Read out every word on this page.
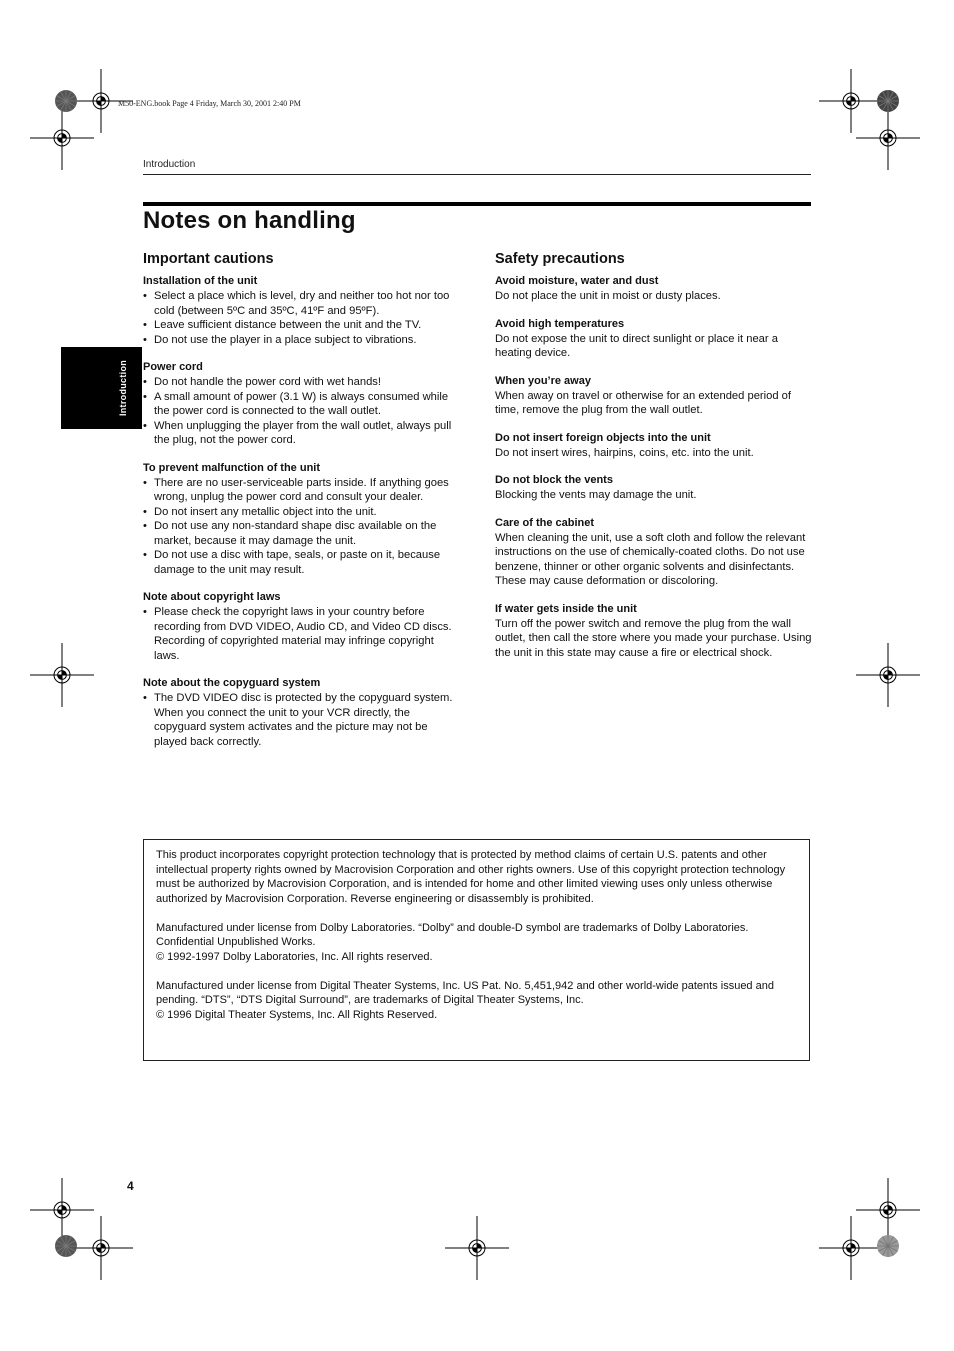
M50-ENG.book Page 4 Friday, March 30, 2001 2:40 PM
Introduction
Notes on handling
Introduction
Important cautions
Installation of the unit
• Select a place which is level, dry and neither too hot nor too cold (between 5ºC and 35ºC, 41ºF and 95ºF).
• Leave sufficient distance between the unit and the TV.
• Do not use the player in a place subject to vibrations.
Power cord
• Do not handle the power cord with wet hands!
• A small amount of power (3.1 W) is always consumed while the power cord is connected to the wall outlet.
• When unplugging the player from the wall outlet, always pull the plug, not the power cord.
To prevent malfunction of the unit
• There are no user-serviceable parts inside. If anything goes wrong, unplug the power cord and consult your dealer.
• Do not insert any metallic object into the unit.
• Do not use any non-standard shape disc available on the market, because it may damage the unit.
• Do not use a disc with tape, seals, or paste on it, because damage to the unit may result.
Note about copyright laws
• Please check the copyright laws in your country before recording from DVD VIDEO, Audio CD, and Video CD discs. Recording of copyrighted material may infringe copyright laws.
Note about the copyguard system
• The DVD VIDEO disc is protected by the copyguard system. When you connect the unit to your VCR directly, the copyguard system activates and the picture may not be played back correctly.
Safety precautions
Avoid moisture, water and dust

Do not place the unit in moist or dusty places.

Avoid high temperatures

Do not expose the unit to direct sunlight or place it near a heating device.

When you’re away

When away on travel or otherwise for an extended period of time, remove the plug from the wall outlet.

Do not insert foreign objects into the unit

Do not insert wires, hairpins, coins, etc. into the unit.

Do not block the vents

Blocking the vents may damage the unit.

Care of the cabinet

When cleaning the unit, use a soft cloth and follow the relevant instructions on the use of chemically-coated cloths. Do not use benzene, thinner or other organic solvents and disinfectants. These may cause deformation or discoloring.

If water gets inside the unit

Turn off the power switch and remove the plug from the wall outlet, then call the store where you made your purchase. Using the unit in this state may cause a fire or electrical shock.

This product incorporates copyright protection technology that is protected by method claims of certain U.S. patents and other intellectual property rights owned by Macrovision Corporation and other rights owners. Use of this copyright protection technology must be authorized by Macrovision Corporation, and is intended for home and other limited viewing uses only unless otherwise authorized by Macrovision Corporation. Reverse engineering or disassembly is prohibited.

Manufactured under license from Dolby Laboratories. “Dolby” and double-D symbol are trademarks of Dolby Laboratories.

Confidential Unpublished Works.

© 1992-1997 Dolby Laboratories, Inc. All rights reserved.

Manufactured under license from Digital Theater Systems, Inc. US Pat. No. 5,451,942 and other world-wide patents issued and pending. “DTS”, “DTS Digital Surround”, are trademarks of Digital Theater Systems, Inc.

© 1996 Digital Theater Systems, Inc. All Rights Reserved.

4
